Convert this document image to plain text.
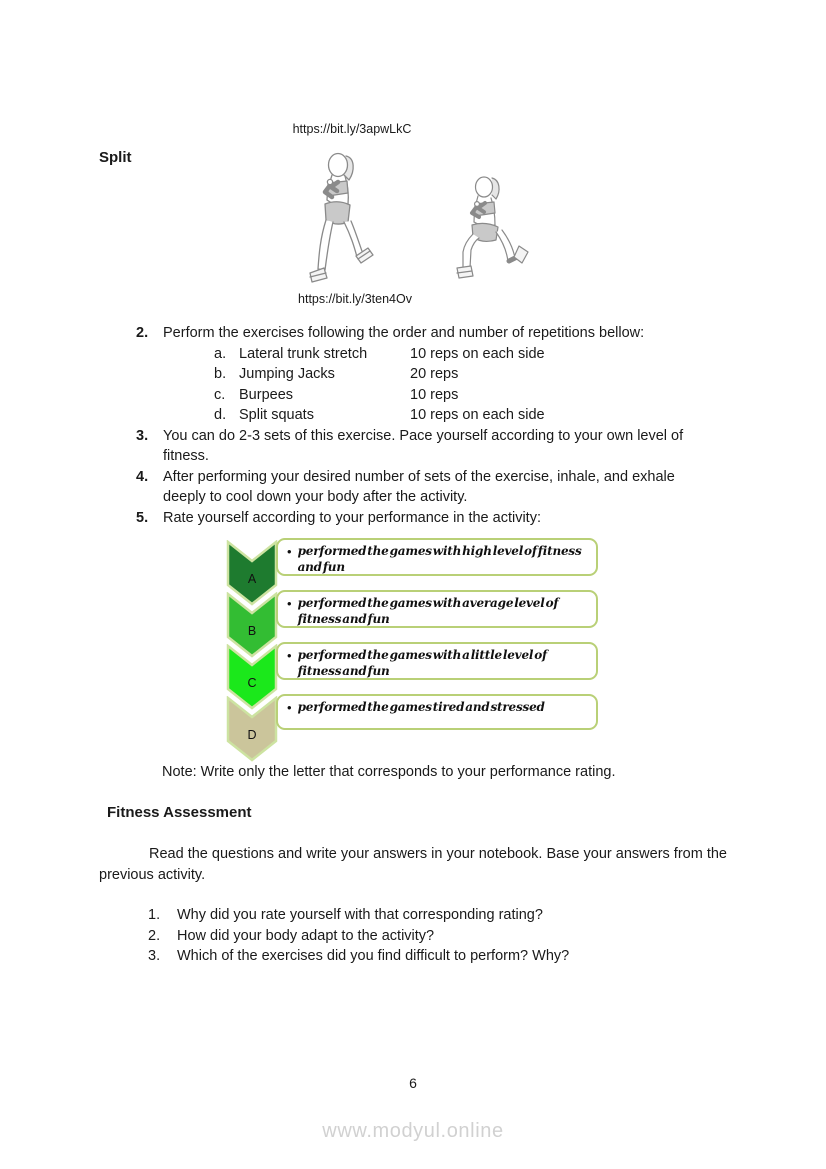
https://bit.ly/3apwLkC
Split
https://bit.ly/3ten4Ov
2. Perform the exercises following the order and number of repetitions bellow:
a. Lateral trunk stretch	10 reps on each side
b. Jumping Jacks	20 reps
c. Burpees	10 reps
d. Split squats	10 reps on each side
3. You can do 2-3 sets of this exercise. Pace yourself according to your own level of fitness.
4. After performing your desired number of sets of the exercise, inhale, and exhale deeply to cool down your body after the activity.
5. Rate yourself according to your performance in the activity:
A
• performed the games with high level of fitness and fun
B
• performed the games with average level of fitness and fun
C
• performed the games with a little level of fitness and fun
D
• performed the games tired and stressed
Note: Write only the letter that corresponds to your performance rating.
Fitness Assessment
Read the questions and write your answers in your notebook. Base your answers from the previous activity.
1. Why did you rate yourself with that corresponding rating?
2. How did your body adapt to the activity?
3. Which of the exercises did you find difficult to perform? Why?
6
www.modyul.online
